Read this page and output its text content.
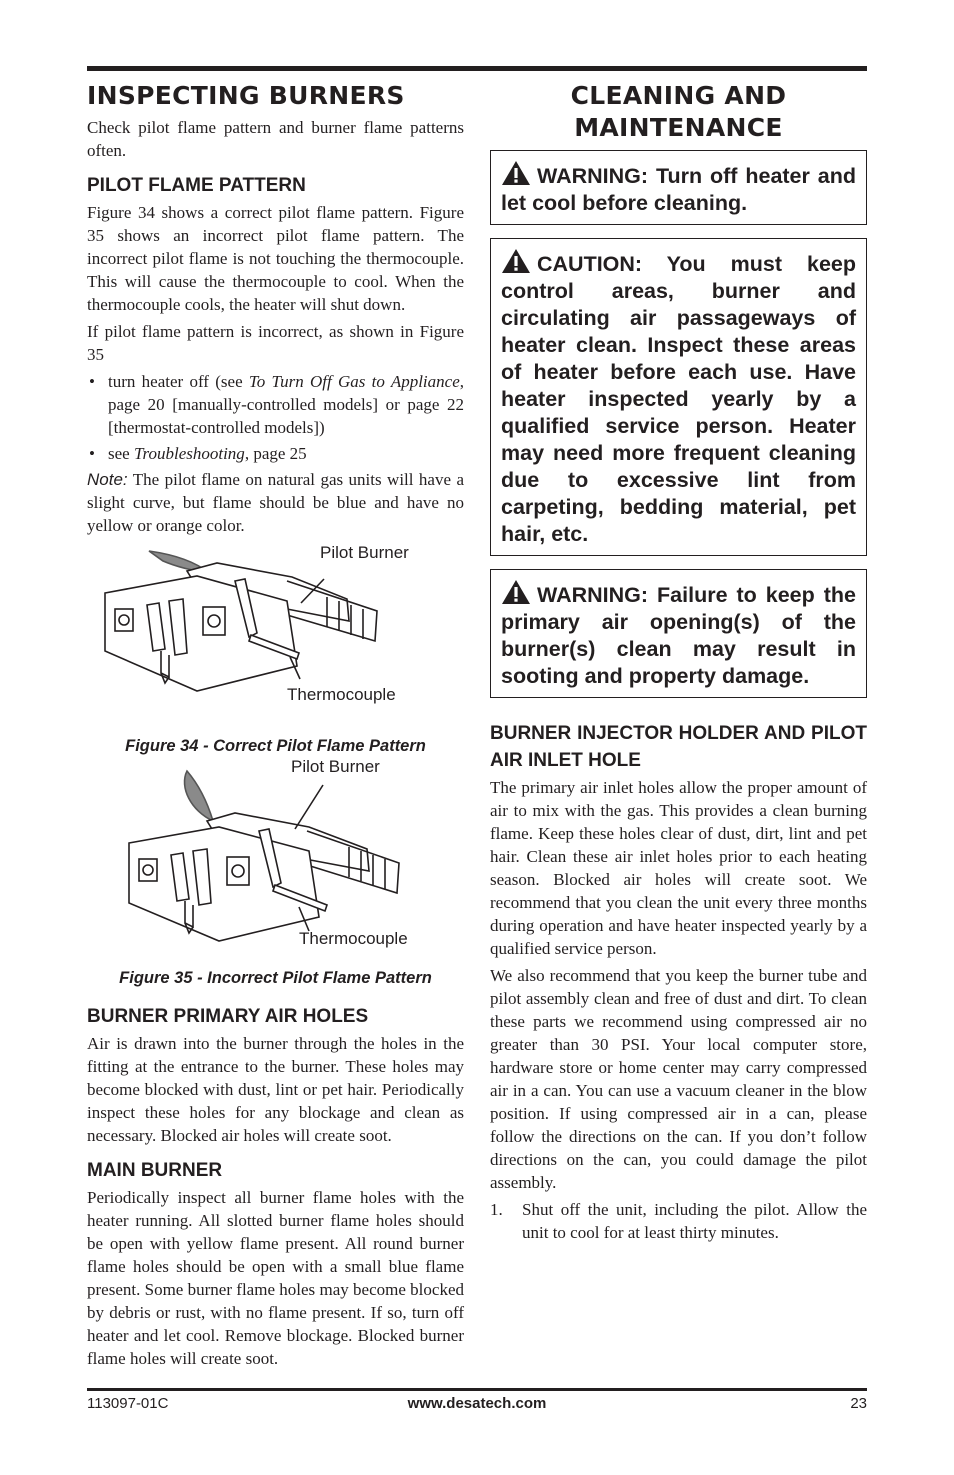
INSPECTING BURNERS

Check pilot flame pattern and burner flame patterns often.

PILOT FLAME PATTERN

Figure 34 shows a correct pilot flame pattern. Figure 35 shows an incorrect pilot flame pattern. The incorrect pilot flame is not touching the thermocouple. This will cause the thermocouple to cool. When the thermocouple cools, the heater will shut down.

If pilot flame pattern is incorrect, as shown in Figure 35

• turn heater off (see To Turn Off Gas to Appliance, page 20 [manually-controlled models] or page 22 [thermostat-controlled models])
• see Troubleshooting, page 25

Note: The pilot flame on natural gas units will have a slight curve, but flame should be blue and have no yellow or orange color.

Pilot Burner
Thermocouple
Figure 34 - Correct Pilot Flame Pattern
Pilot Burner
Thermocouple
Figure 35 - Incorrect Pilot Flame Pattern
BURNER PRIMARY AIR HOLES

Air is drawn into the burner through the holes in the fitting at the entrance to the burner. These holes may become blocked with dust, lint or pet hair. Periodically inspect these holes for any blockage and clean as necessary. Blocked air holes will create soot.

MAIN BURNER

Periodically inspect all burner flame holes with the heater running. All slotted burner flame holes should be open with yellow flame present. All round burner flame holes should be open with a small blue flame present. Some burner flame holes may become blocked by debris or rust, with no flame present. If so, turn off heater and let cool. Remove blockage. Blocked burner flame holes will create soot.

CLEANING AND
MAINTENANCE
WARNING: Turn off heater and let cool before cleaning.
CAUTION: You must keep control areas, burner and circulating air passageways of heater clean. Inspect these areas of heater before each use. Have heater inspected yearly by a qualified service person. Heater may need more frequent cleaning due to excessive lint from carpeting, bedding material, pet hair, etc.
WARNING: Failure to keep the primary air opening(s) of the burner(s) clean may result in sooting and property damage.
BURNER INJECTOR HOLDER AND PILOT AIR INLET HOLE

The primary air inlet holes allow the proper amount of air to mix with the gas. This provides a clean burning flame. Keep these holes clear of dust, dirt, lint and pet hair. Clean these air inlet holes prior to each heating season. Blocked air holes will create soot. We recommend that you clean the unit every three months during operation and have heater inspected yearly by a qualified service person.

We also recommend that you keep the burner tube and pilot assembly clean and free of dust and dirt. To clean these parts we recommend using compressed air no greater than 30 PSI. Your local computer store, hardware store or home center may carry compressed air in a can. You can use a vacuum cleaner in the blow position. If using compressed air in a can, please follow the directions on the can. If you don’t follow directions on the can, you could damage the pilot assembly.

1. Shut off the unit, including the pilot. Allow the unit to cool for at least thirty minutes.
113097-01C	www.desatech.com	23
